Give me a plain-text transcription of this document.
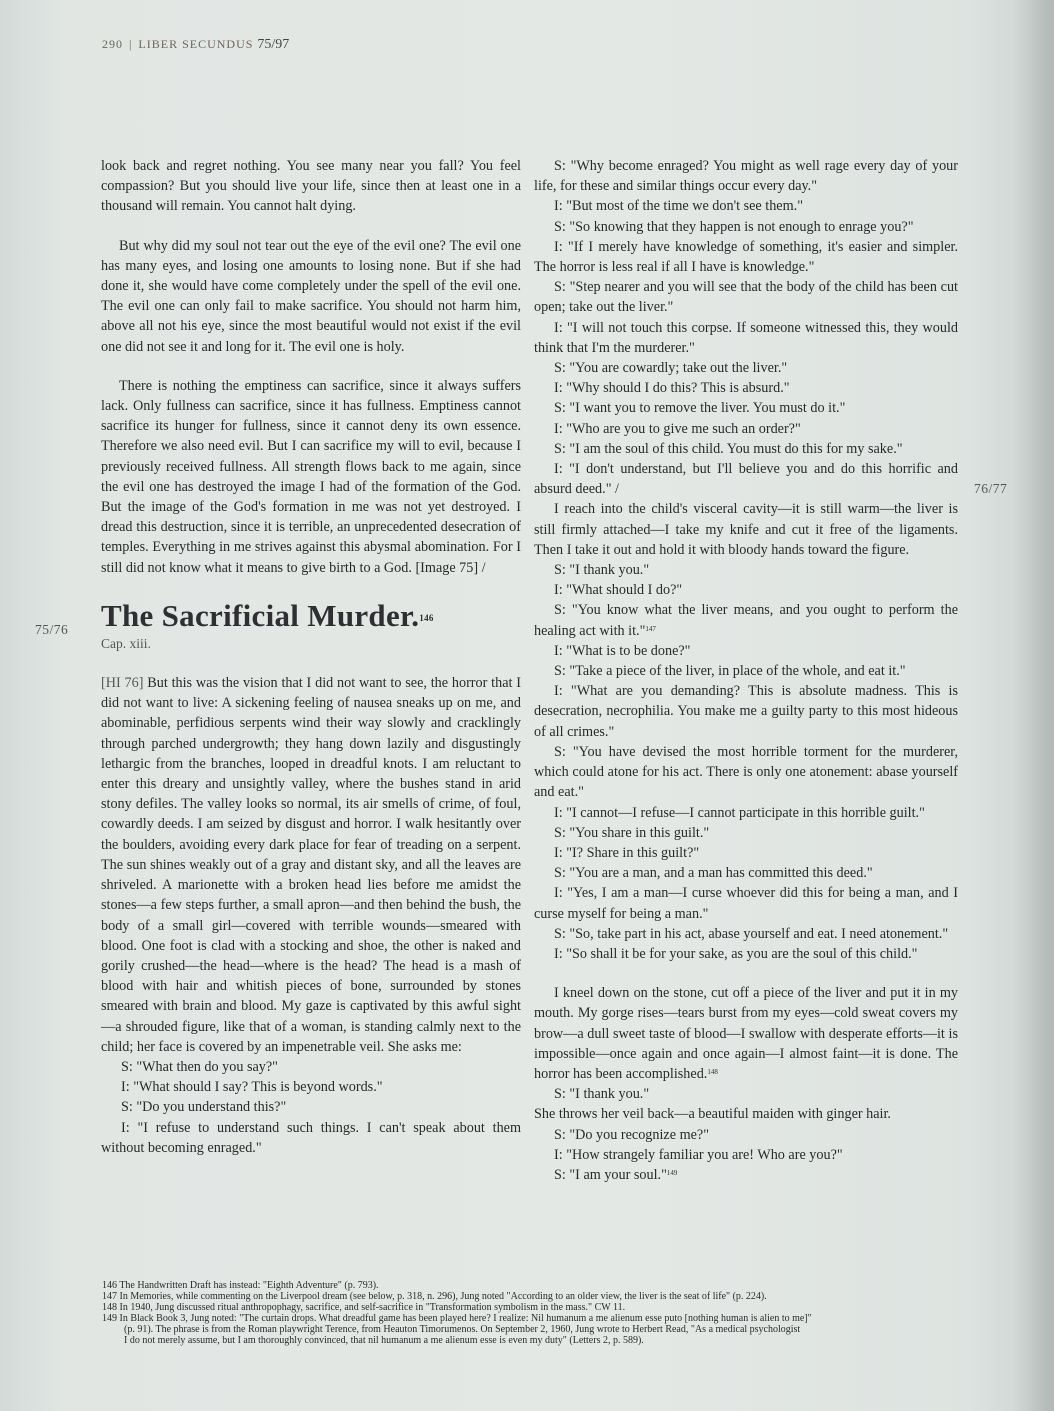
290 | LIBER SECUNDUS 75/97
75/76
76/77

look back and regret nothing. You see many near you fall? You feel compassion? But you should live your life, since then at least one in a thousand will remain. You cannot halt dying.

But why did my soul not tear out the eye of the evil one? The evil one has many eyes, and losing one amounts to losing none. But if she had done it, she would have come completely under the spell of the evil one. The evil one can only fail to make sacrifice. You should not harm him, above all not his eye, since the most beautiful would not exist if the evil one did not see it and long for it. The evil one is holy.

There is nothing the emptiness can sacrifice, since it always suffers lack. Only fullness can sacrifice, since it has fullness. Emptiness cannot sacrifice its hunger for fullness, since it cannot deny its own essence. Therefore we also need evil. But I can sacrifice my will to evil, because I previously received fullness. All strength flows back to me again, since the evil one has destroyed the image I had of the formation of the God. But the image of the God's formation in me was not yet destroyed. I dread this destruction, since it is terrible, an unprecedented desecration of temples. Everything in me strives against this abysmal abomination. For I still did not know what it means to give birth to a God. [Image 75] /

The Sacrificial Murder.$^{146}$

Cap. xiii.

[HI 76] But this was the vision that I did not want to see, the horror that I did not want to live: A sickening feeling of nausea sneaks up on me, and abominable, perfidious serpents wind their way slowly and cracklingly through parched undergrowth; they hang down lazily and disgustingly lethargic from the branches, looped in dreadful knots. I am reluctant to enter this dreary and unsightly valley, where the bushes stand in arid stony defiles. The valley looks so normal, its air smells of crime, of foul, cowardly deeds. I am seized by disgust and horror. I walk hesitantly over the boulders, avoiding every dark place for fear of treading on a serpent. The sun shines weakly out of a gray and distant sky, and all the leaves are shriveled. A marionette with a broken head lies before me amidst the stones—a few steps further, a small apron—and then behind the bush, the body of a small girl—covered with terrible wounds—smeared with blood. One foot is clad with a stocking and shoe, the other is naked and gorily crushed—the head—where is the head? The head is a mash of blood with hair and whitish pieces of bone, surrounded by stones smeared with brain and blood. My gaze is captivated by this awful sight—a shrouded figure, like that of a woman, is standing calmly next to the child; her face is covered by an impenetrable veil. She asks me:

S: "What then do you say?"

I: "What should I say? This is beyond words."

S: "Do you understand this?"

I: "I refuse to understand such things. I can't speak about them without becoming enraged."

S: "Why become enraged? You might as well rage every day of your life, for these and similar things occur every day."

I: "But most of the time we don't see them."

S: "So knowing that they happen is not enough to enrage you?"

I: "If I merely have knowledge of something, it's easier and simpler. The horror is less real if all I have is knowledge."

S: "Step nearer and you will see that the body of the child has been cut open; take out the liver."

I: "I will not touch this corpse. If someone witnessed this, they would think that I'm the murderer."

S: "You are cowardly; take out the liver."

I: "Why should I do this? This is absurd."

S: "I want you to remove the liver. You must do it."

I: "Who are you to give me such an order?"

S: "I am the soul of this child. You must do this for my sake."

I: "I don't understand, but I'll believe you and do this horrific and absurd deed." /

I reach into the child's visceral cavity—it is still warm—the liver is still firmly attached—I take my knife and cut it free of the ligaments. Then I take it out and hold it with bloody hands toward the figure.

S: "I thank you."

I: "What should I do?"

S: "You know what the liver means, and you ought to perform the healing act with it."$^{147}$

I: "What is to be done?"

S: "Take a piece of the liver, in place of the whole, and eat it."

I: "What are you demanding? This is absolute madness. This is desecration, necrophilia. You make me a guilty party to this most hideous of all crimes."

S: "You have devised the most horrible torment for the murderer, which could atone for his act. There is only one atonement: abase yourself and eat."

I: "I cannot—I refuse—I cannot participate in this horrible guilt."

S: "You share in this guilt."

I: "I? Share in this guilt?"

S: "You are a man, and a man has committed this deed."

I: "Yes, I am a man—I curse whoever did this for being a man, and I curse myself for being a man."

S: "So, take part in his act, abase yourself and eat. I need atonement."

I: "So shall it be for your sake, as you are the soul of this child."

I kneel down on the stone, cut off a piece of the liver and put it in my mouth. My gorge rises—tears burst from my eyes—cold sweat covers my brow—a dull sweet taste of blood—I swallow with desperate efforts—it is impossible—once again and once again—I almost faint—it is done. The horror has been accomplished.$^{148}$

S: "I thank you."

She throws her veil back—a beautiful maiden with ginger hair.

S: "Do you recognize me?"

I: "How strangely familiar you are! Who are you?"

S: "I am your soul."$^{149}$

146 The Handwritten Draft has instead: "Eighth Adventure" (p. 793).

147 In Memories, while commenting on the Liverpool dream (see below, p. 318, n. 296), Jung noted "According to an older view, the liver is the seat of life" (p. 224).

148 In 1940, Jung discussed ritual anthropophagy, sacrifice, and self-sacrifice in "Transformation symbolism in the mass." CW 11.

149 In Black Book 3, Jung noted: "The curtain drops. What dreadful game has been played here? I realize: Nil humanum a me alienum esse puto [nothing human is alien to me]"

(p. 91). The phrase is from the Roman playwright Terence, from Heauton Timorumenos. On September 2, 1960, Jung wrote to Herbert Read, "As a medical psychologist

I do not merely assume, but I am thoroughly convinced, that nil humanum a me alienum esse is even my duty" (Letters 2, p. 589).
